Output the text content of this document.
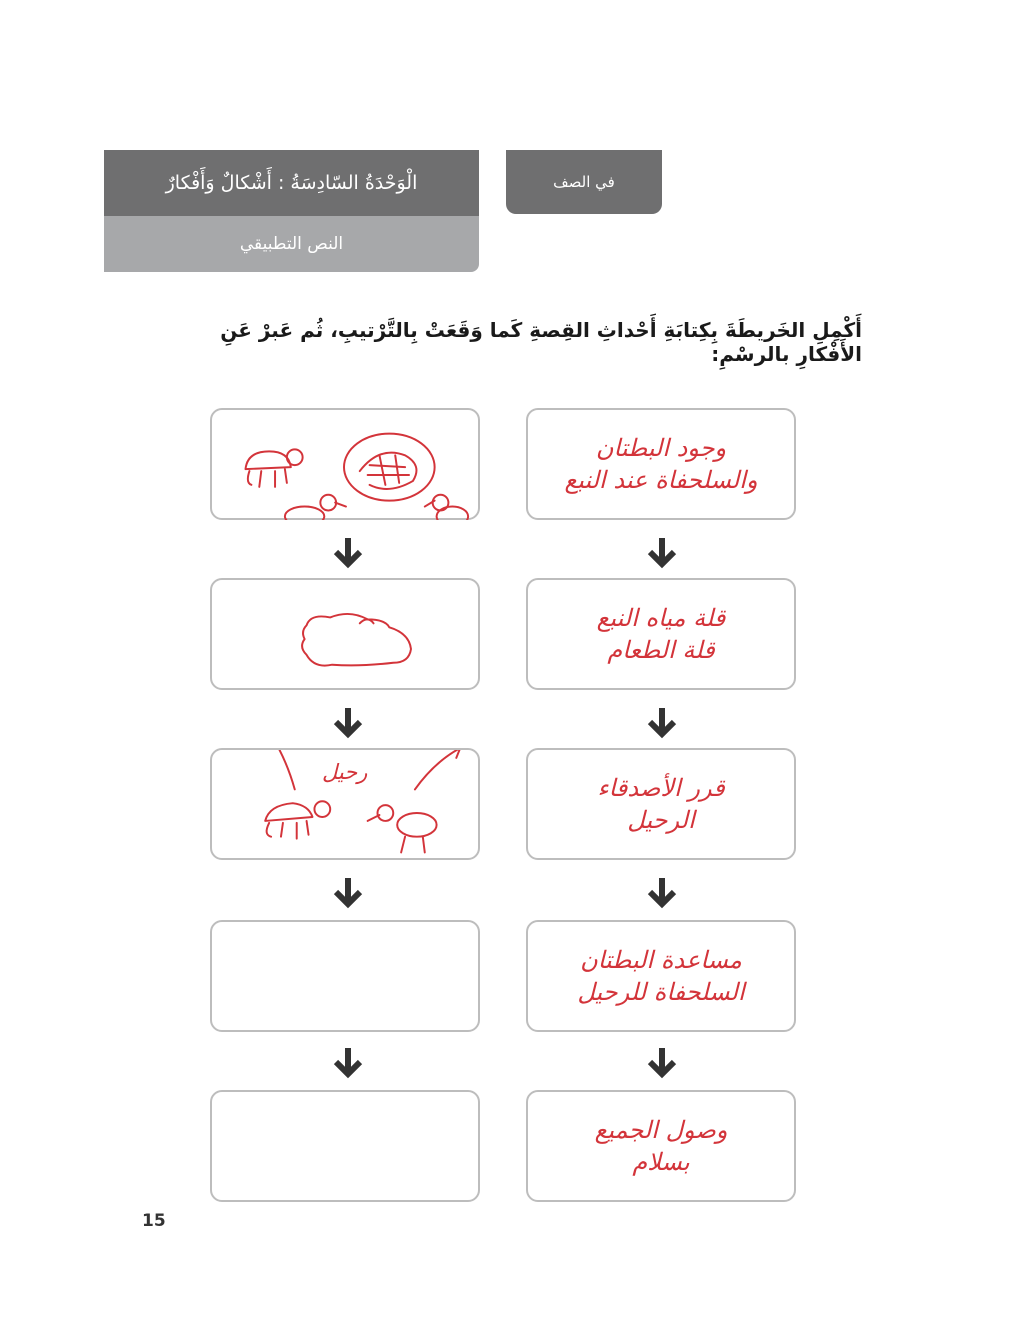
الْوَحْدَةُ السّادِسَةُ : أَشْكالٌ وَأَفْكارٌ
النص التطبيقي
في الصف
أَكْمِلِ الخَريطَةَ بِكِتابَةِ أَحْداثِ القِصةِ كَما وَقَعَتْ بِالتَّرْتيبِ، ثُم عَبرْ عَنِ الأَفْكارِ بالرسْمِ:
وجود البطتان
والسلحفاة عند النبع
قلة مياه النبع
قلة الطعام
قرر الأصدقاء
الرحيل
مساعدة البطتان
السلحفاة للرحيل
وصول الجميع
بسلام
رحيل
15
